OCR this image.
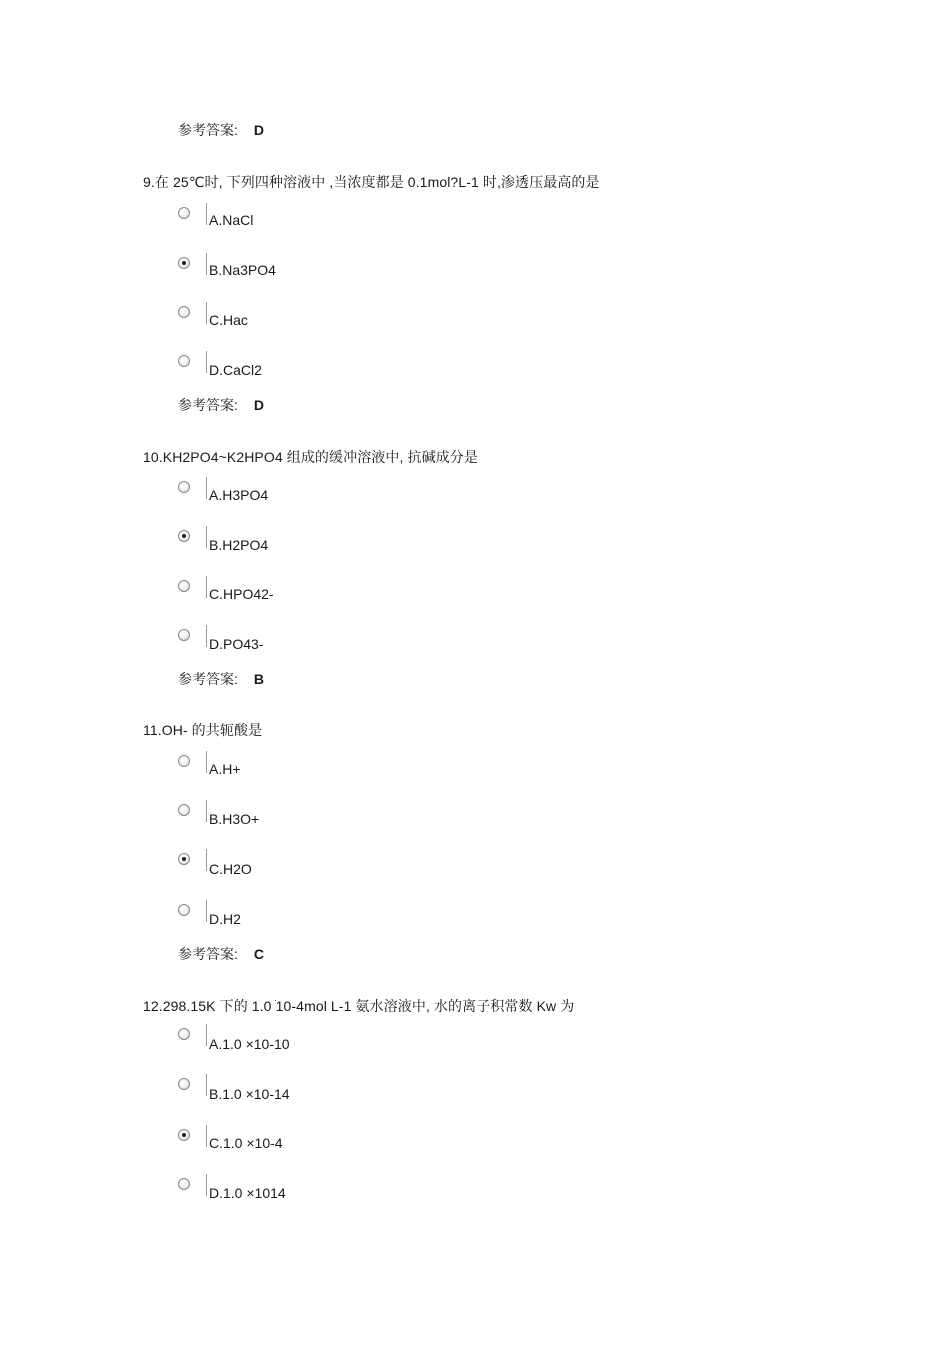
参考答案: D
9.在 25℃时, 下列四种溶液中 ,当浓度都是 0.1mol?L-1 时,渗透压最高的是
A.NaCl
B.Na3PO4
C.Hac
D.CaCl2
参考答案: D
10.KH2PO4~K2HPO4 组成的缓冲溶液中, 抗碱成分是
A.H3PO4
B.H2PO4
C.HPO42-
D.PO43-
参考答案: B
11.OH- 的共轭酸是
A.H+
B.H3O+
C.H2O
D.H2
参考答案: C
12.298.15K 下的 1.0 ׁ10-4mol L-1 氨水溶液中, 水的离子积常数 Kw 为
A.1.0 ×10-10
B.1.0 ×10-14
C.1.0 ×10-4
D.1.0 ×1014
